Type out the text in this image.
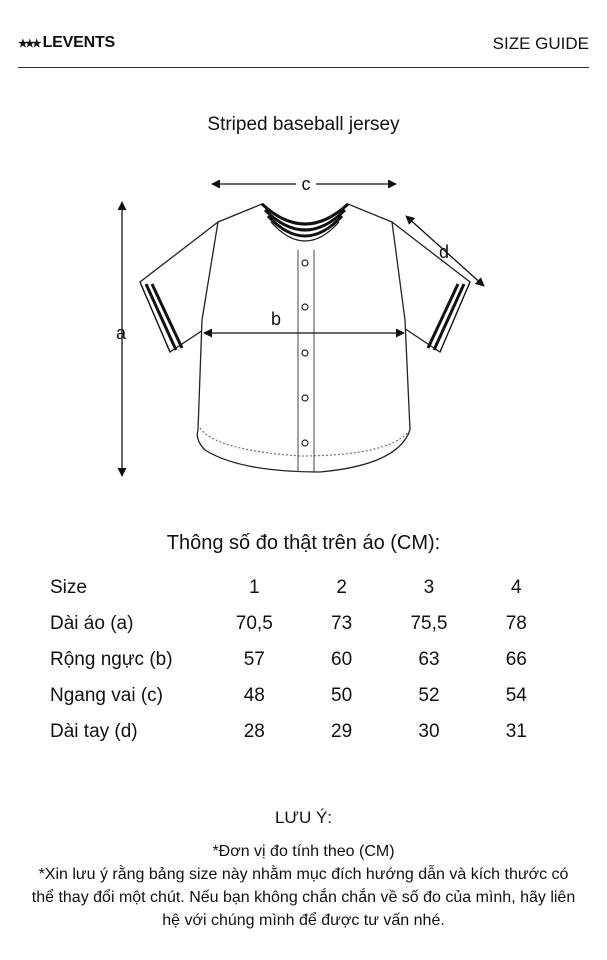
★★★ LEVENTS	SIZE GUIDE
Striped baseball jersey
c
a
b
d
Thông số đo thật trên áo (CM):
Size	1	2	3	4
Dài áo (a)	70,5	73	75,5	78
Rộng ngực (b)	57	60	63	66
Ngang vai (c)	48	50	52	54
Dài tay (d)	28	29	30	31
LƯU Ý:
*Đơn vị đo tính theo (CM)
*Xin lưu ý rằng bảng size này nhằm mục đích hướng dẫn và kích thước có thể thay đổi một chút. Nếu bạn không chắn chắn về số đo của mình, hãy liên hệ với chúng mình để được tư vấn nhé.
